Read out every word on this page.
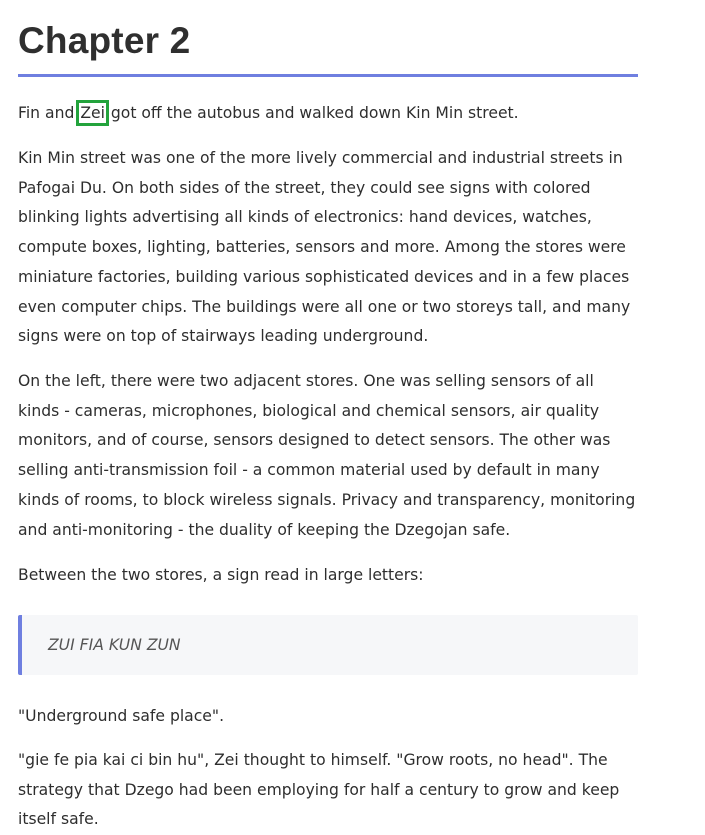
Chapter 2

Fin and Zei got off the autobus and walked down Kin Min street.

Kin Min street was one of the more lively commercial and industrial streets in Pafogai Du. On both sides of the street, they could see signs with colored blinking lights advertising all kinds of electronics: hand devices, watches, compute boxes, lighting, batteries, sensors and more. Among the stores were miniature factories, building various sophisticated devices and in a few places even computer chips. The buildings were all one or two storeys tall, and many signs were on top of stairways leading underground.

On the left, there were two adjacent stores. One was selling sensors of all kinds - cameras, microphones, biological and chemical sensors, air quality monitors, and of course, sensors designed to detect sensors. The other was selling anti-transmission foil - a common material used by default in many kinds of rooms, to block wireless signals. Privacy and transparency, monitoring and anti-monitoring - the duality of keeping the Dzegojan safe.

Between the two stores, a sign read in large letters:

ZUI FIA KUN ZUN

"Underground safe place".

"gie fe pia kai ci bin hu", Zei thought to himself. "Grow roots, no head". The strategy that Dzego had been employing for half a century to grow and keep itself safe.
